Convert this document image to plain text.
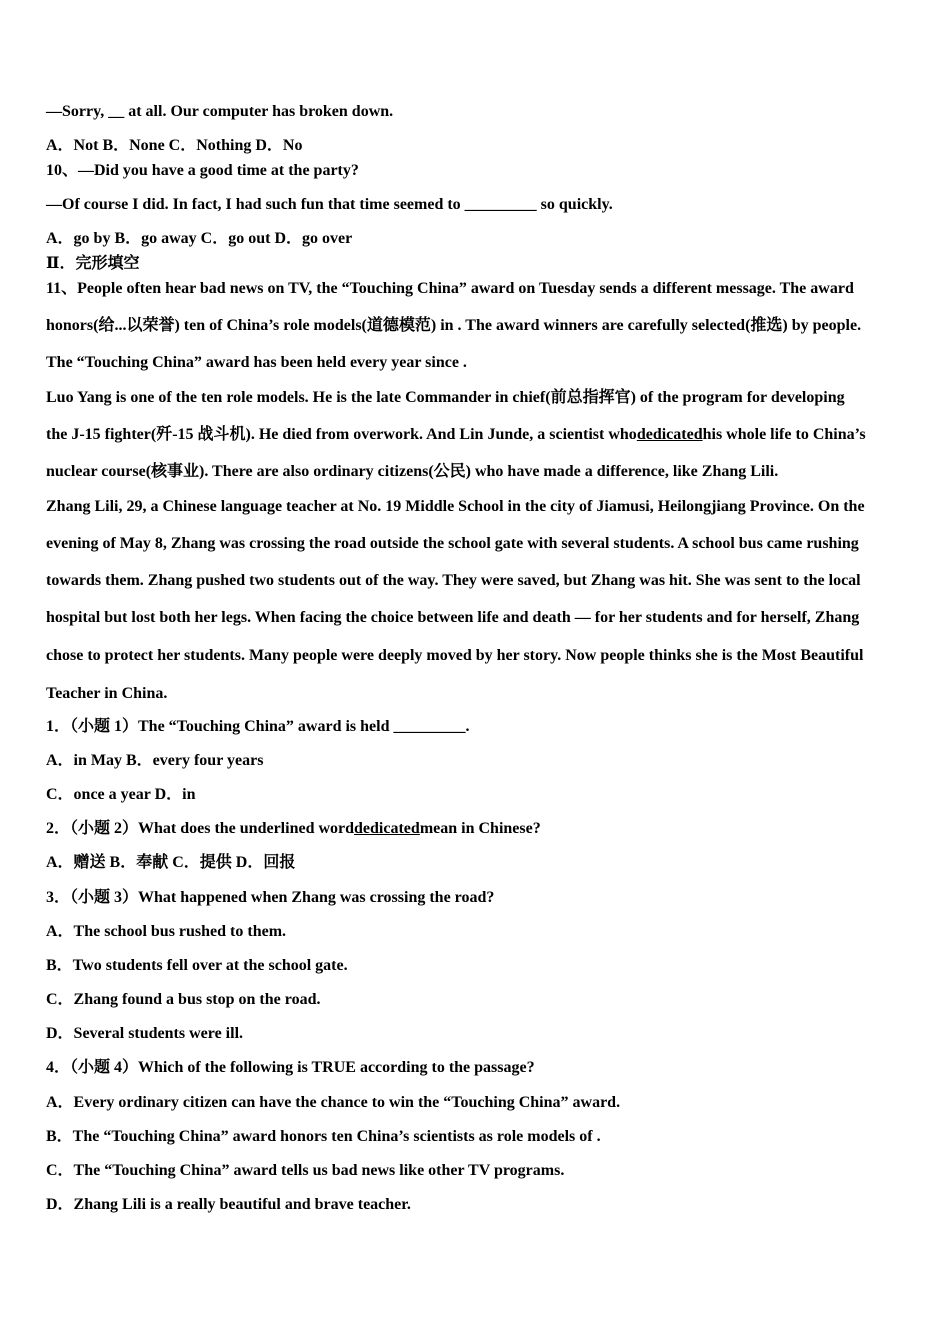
—Sorry, __ at all. Our computer has broken down.
A．Not B．None C．Nothing D．No
10、—Did you have a good time at the party?
—Of course I did. In fact, I had such fun that time seemed to _________ so quickly.
A．go by B．go away C．go out D．go over
Ⅱ．完形填空
11、People often hear bad news on TV, the “Touching China” award on Tuesday sends a different message. The award
honors(给...以荣誉) ten of China’s role models(道德模范) in . The award winners are carefully selected(推选) by people.
The “Touching China” award has been held every year since .
Luo Yang is one of the ten role models. He is the late Commander in chief(前总指挥官) of the program for developing
the J-15 fighter(歼-15 战斗机). He died from overwork. And Lin Junde, a scientist whodedicatedhis whole life to China’s
nuclear course(核事业). There are also ordinary citizens(公民) who have made a difference, like Zhang Lili.
Zhang Lili, 29, a Chinese language teacher at No. 19 Middle School in the city of Jiamusi, Heilongjiang Province. On the
evening of May 8, Zhang was crossing the road outside the school gate with several students. A school bus came rushing
towards them. Zhang pushed two students out of the way. They were saved, but Zhang was hit. She was sent to the local
hospital but lost both her legs. When facing the choice between life and death — for her students and for herself, Zhang
chose to protect her students. Many people were deeply moved by her story. Now people thinks she is the Most Beautiful
Teacher in China.
1．（小题 1）The “Touching China” award is held _________.
A．in May B．every four years
C．once a year D．in
2．（小题 2）What does the underlined worddedicatedmean in Chinese?
A．赠送 B．奉献 C．提供 D．回报
3．（小题 3）What happened when Zhang was crossing the road?
A．The school bus rushed to them.
B．Two students fell over at the school gate.
C．Zhang found a bus stop on the road.
D．Several students were ill.
4．（小题 4）Which of the following is TRUE according to the passage?
A．Every ordinary citizen can have the chance to win the “Touching China” award.
B．The “Touching China” award honors ten China’s scientists as role models of .
C．The “Touching China” award tells us bad news like other TV programs.
D．Zhang Lili is a really beautiful and brave teacher.
